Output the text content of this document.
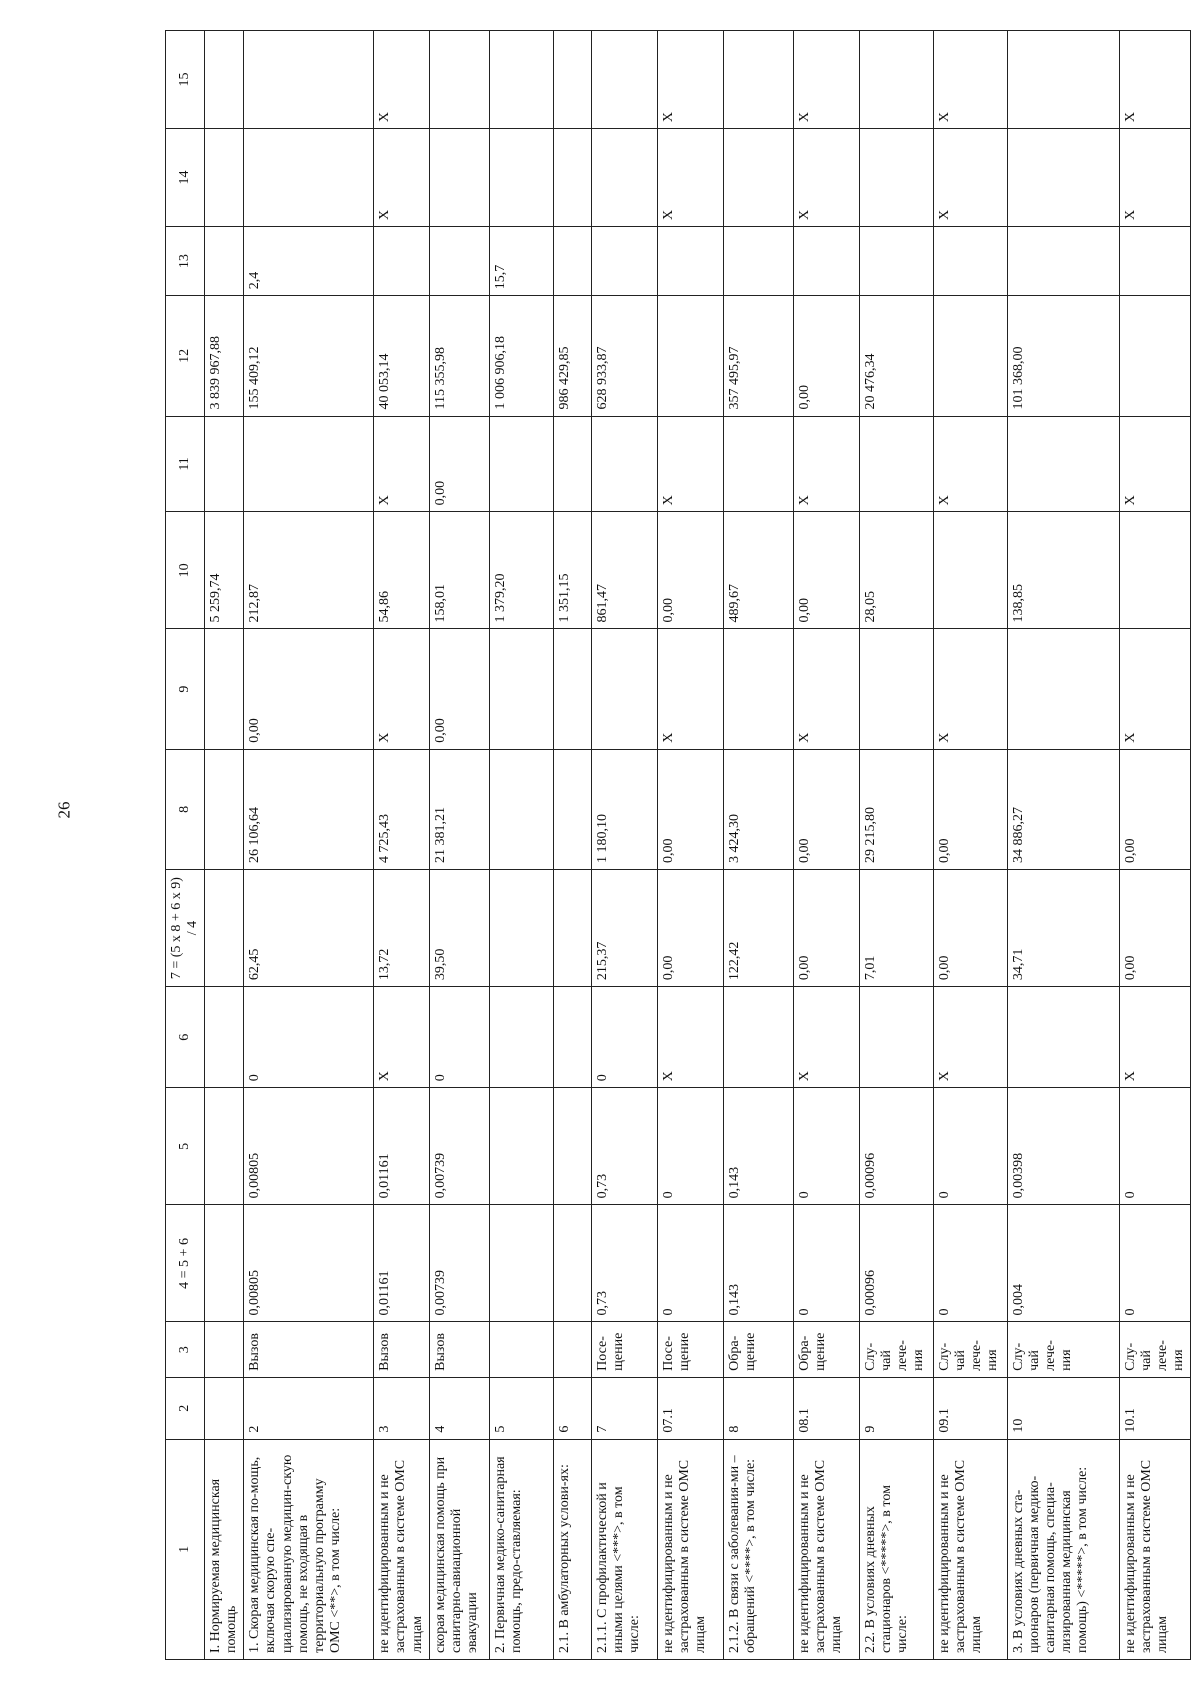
26
1	2	3	4 = 5 + 6	5	6	7 = (5 x 8 + 6 x 9) / 4	8	9	10	11	12	13	14	15
I. Нормируемая медицинская помощь									5 259,74		3 839 967,88			
1. Скорая медицинская по-мощь, включая скорую спе-циализированную медицин-скую помощь, не входящая в территориальную программу ОМС <**>, в том числе:	2	Вызов	0,00805	0,00805	0	62,45	26 106,64	0,00	212,87		155 409,12	2,4		
не идентифицированным и не застрахованным в системе ОМС лицам	3	Вызов	0,01161	0,01161	X	13,72	4 725,43	X	54,86	X	40 053,14		X	X
скорая медицинская помощь при санитарно-авиационной эвакуации	4	Вызов	0,00739	0,00739	0	39,50	21 381,21	0,00	158,01	0,00	115 355,98			
2. Первичная медико-санитарная помощь, предо-ставляемая:	5								1 379,20		1 006 906,18	15,7		
2.1. В амбулаторных услови-ях:	6								1 351,15		986 429,85			
2.1.1. С профилактической и иными целями <***>, в том числе:	7	Посе-щение	0,73	0,73	0	215,37	1 180,10		861,47		628 933,87			
не идентифицированным и не застрахованным в системе ОМС лицам	07.1	Посе-щение	0	0	X	0,00	0,00	X	0,00	X			X	X
2.1.2. В связи с заболевания-ми – обращений <****>, в том числе:	8	Обра-щение	0,143	0,143		122,42	3 424,30		489,67		357 495,97			
не идентифицированным и не застрахованным в системе ОМС лицам	08.1	Обра-щение	0	0	X	0,00	0,00	X	0,00	X	0,00		X	X
2.2. В условиях дневных стационаров <*****>, в том числе:	9	Слу-чай лече-ния	0,00096	0,00096		7,01	29 215,80		28,05		20 476,34			
не идентифицированным и не застрахованным в системе ОМС лицам	09.1	Слу-чай лече-ния	0	0	X	0,00	0,00	X		X			X	X
3. В условиях дневных ста-ционаров (первичная медико-санитарная помощь, специа-лизированная медицинская помощь) <*****>, в том числе:	10	Слу-чай лече-ния	0,004	0,00398		34,71	34 886,27		138,85		101 368,00			
не идентифицированным и не застрахованным в системе ОМС лицам	10.1	Слу-чай лече-ния	0	0	X	0,00	0,00	X		X			X	X
